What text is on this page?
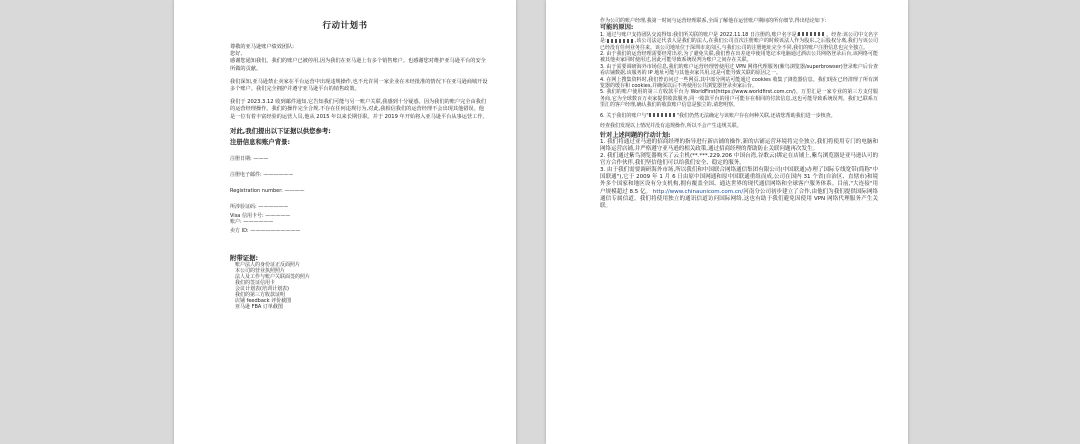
行动计划书

尊敬的亚马逊账户绩效团队:

您好,

感谢您通知我们。我们的账户已被停用,因为我们在亚马逊上有多个销售账户。也感谢您对维护亚马逊平台的安全所做的贡献。

我们深知,亚马逊禁止卖家在平台运营中出现违规操作,也不允许同一家企业在未经批准的情况下在亚马逊商城开设多个账户。我们完全拥护并遵守亚马逊平台的销售政策。

我们于 2023.3.12 收到邮件通知,它告知我们可能与另一账户关联,我感到十分疑惑。因为我们的账户完全由我们的运营经理操作。我们的操作完全合规,不存在任何违规行为,对此,我相信我们的运营经理不会出现其他错误。他是一位有着丰富经验的运营人员,他从 2015 年以来长期任职。并于 2019 年开始将入亚马逊平台从事运营工作。

对此,我们提出以下证据以供您参考:

注册信息和账户背景:

注册日期: ———

注册电子邮件: ——————

Registration number: ————

所涉验证码: ——————

Visa 信用卡号: —————

账户: ——————

卖方 ID: ——————————

附带证据:

账户法人的身份证正反面照片

本公司的营业执照照片

法人及工作与账户关联面签的照片

我们的签证信用卡

会议计划表(培训计划表)

我们的第三方收款证明

店铺 feedback 评价截图

亚马逊 FBA 订单截图

作为公司的账户经理,我第一时间与运营经理联系,全面了解他在运营账户期间的所有细节,得出结论如下:

可能的原因:

1. 通过与账户支持团队交流得知:我们所关联的账户是 2022.11.18 日注册的,账户名字是:	。经查:该公司中文名字是:	,该公司法定代表人是我们的法人,在我们公司首次注册账户的时候该法人作为股东,之后股权分离,我们与该公司已经没有任何业务往来。该公司地址位于深圳市龙岗区,与我们公司的注册地址完全不同,我们的账户注册信息也完全独立。

2. 由于我们的运营经理需要经常出差,为了避免失联,我们曾在出差途中使用笔记本电脑通过酒店公共网络登录后台,该网络可能被其他卖家同时使用过,因此可能导致系统误判为账户之间存在关联。

3. 由于需要调研海外市场信息,我们的账户运营经理曾使用过 VPN 网络代理服务(紫鸟浏览器/superbrowser)登录账户后台查看店铺数据,该服务的 IP 地址可能与其他卖家共用,这是可能导致关联的原因之一。

4. 在网上搜集资料时,我们曾访问过一些网页,其中部分网站可能通过 cookies 收集了浏览器信息。我们现在已经清理了所有浏览器的缓存和 cookies,并确保以后不再使用公共浏览器登录卖家后台。

5. 我们的账户使用的第三方收款平台为 WorldFirst(https://www.worldfirst.com.cn/)。万里汇是一家专业的第三方支付服务商,它为全球数百万卖家提供收款服务,同一收款平台的用户可能存在相同的付款信息,这也可能导致系统误判。我们已联系万里汇的客户经理,确认我们的收款账户信息是独立的,请您明察。

6. 关于我们的账户与"	"我们仍然无法确定与该账户存在何种关联,还请您帮助我们进一步核查。

经查我们发现以上情况并没有违规操作,所以不会产生违规关联。

针对上述问题的行动计划:

1. 我们将通过亚马逊的招商经理的指导进行新店铺的操作,新的店铺运营环境将完全独立,我们将使用专门的电脑和网络运营店铺,并严格遵守亚马逊的相关政策,通过招商经理的帮助防止关联问题再次发生。

2. 我们通过紫鸟浏览器购买了云主机(**.***.229.206 中国台湾,谷歌云)绑定在店铺上,紫鸟浏览器是亚马逊认可的官方合作伙伴,我们坚信他们可以给我们安全、稳定的服务。

3. 由于我们需要调研海外市场,所以我们和中国联合网络通信集团有限公司(中国联通)办理了国际专线宽带(简称"中国联通"),它于 2009 年 1 月 6 日由原中国网通和原中国联通重组而成,公司在国内 31 个省(自治区、直辖市)和境外多个国家和地区设有分支机构,拥有覆盖全国、通达世界的现代通信网络和全球客户服务体系。目前,"大连接"用户规模超过 8.5 亿。 http://www.chinaunicom.com.cn/河南分公司初步建立了合作,由他们为我们提供国际网络通信专属信道。我们将使用独立的通讯信道访问国际网络,这也有助于我们避免因使用 VPN 网络代理服务产生关联。
